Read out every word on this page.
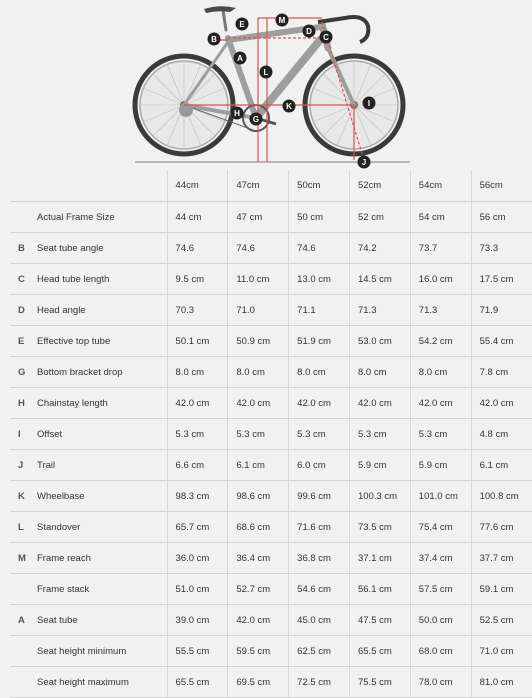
A
B	C
D
E
G
H
I
J
K
L
M
		44cm	47cm	50cm	52cm	54cm	56cm
	Actual Frame Size	44 cm	47 cm	50 cm	52 cm	54 cm	56 cm
B	Seat tube angle	74.6	74.6	74.6	74.2	73.7	73.3
C	Head tube length	9.5 cm	11.0 cm	13.0 cm	14.5 cm	16.0 cm	17.5 cm
D	Head angle	70.3	71.0	71.1	71.3	71.3	71.9
E	Effective top tube	50.1 cm	50.9 cm	51.9 cm	53.0 cm	54.2 cm	55.4 cm
G	Bottom bracket drop	8.0 cm	8.0 cm	8.0 cm	8.0 cm	8.0 cm	7.8 cm
H	Chainstay length	42.0 cm	42.0 cm	42.0 cm	42.0 cm	42.0 cm	42.0 cm
I	Offset	5.3 cm	5.3 cm	5.3 cm	5.3 cm	5.3 cm	4.8 cm
J	Trail	6.6 cm	6.1 cm	6.0 cm	5.9 cm	5.9 cm	6.1 cm
K	Wheelbase	98.3 cm	98.6 cm	99.6 cm	100.3 cm	101.0 cm	100.8 cm
L	Standover	65.7 cm	68.6 cm	71.6 cm	73.5 cm	75.4 cm	77.6 cm
M	Frame reach	36.0 cm	36.4 cm	36.8 cm	37.1 cm	37.4 cm	37.7 cm
	Frame stack	51.0 cm	52.7 cm	54.6 cm	56.1 cm	57.5 cm	59.1 cm
A	Seat tube	39.0 cm	42.0 cm	45.0 cm	47.5 cm	50.0 cm	52.5 cm
	Seat height minimum	55.5 cm	59.5 cm	62.5 cm	65.5 cm	68.0 cm	71.0 cm
	Seat height maximum	65.5 cm	69.5 cm	72.5 cm	75.5 cm	78.0 cm	81.0 cm
